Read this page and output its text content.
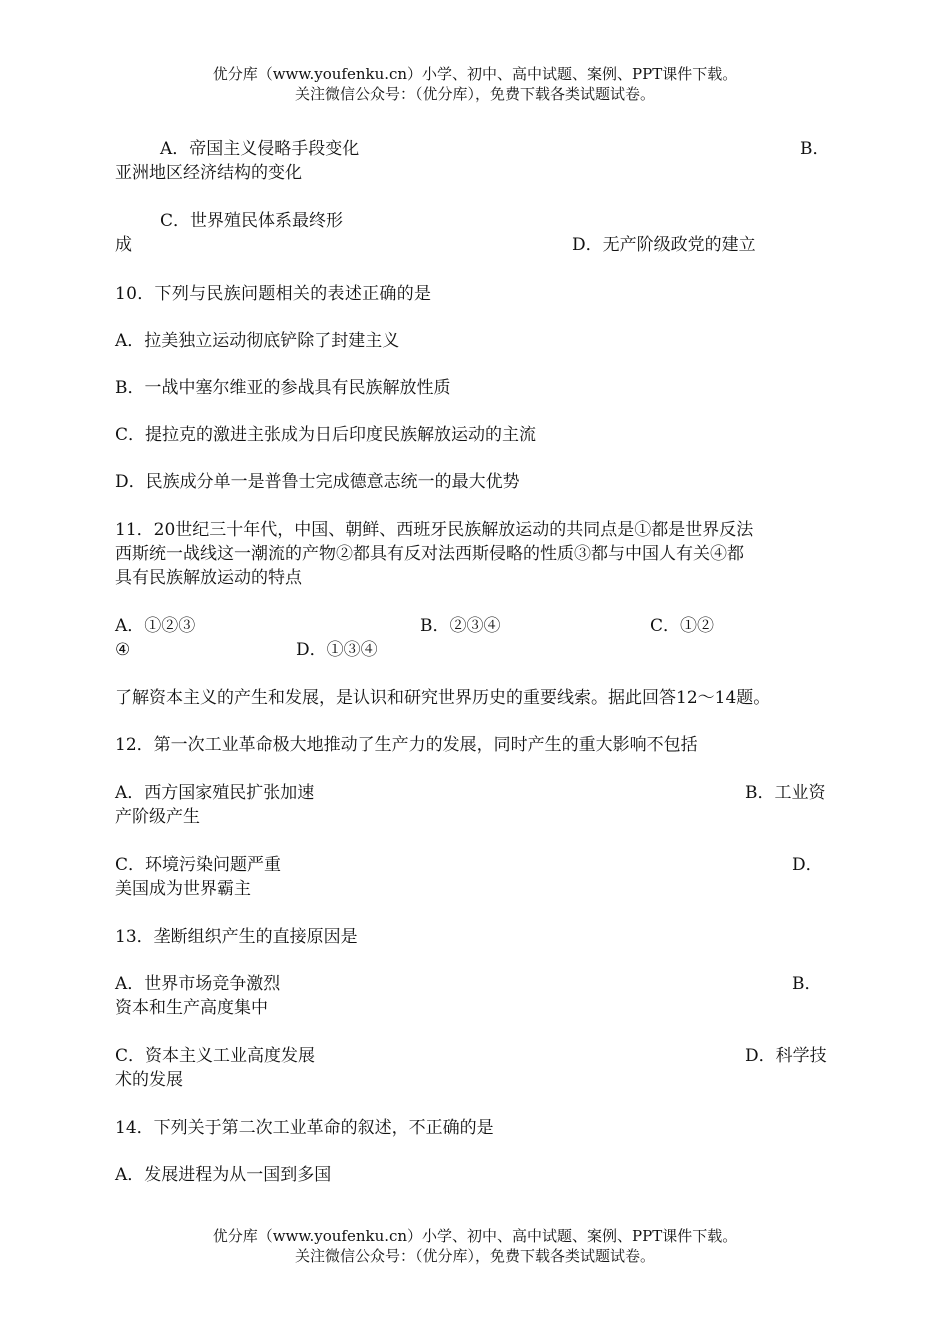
优分库（www.youfenku.cn）小学、初中、高中试题、案例、PPT课件下载。
关注微信公众号：（优分库），免费下载各类试题试卷。
A．帝国主义侵略手段变化	B．
亚洲地区经济结构的变化
C．世界殖民体系最终形
成	D．无产阶级政党的建立
10．下列与民族问题相关的表述正确的是
A．拉美独立运动彻底铲除了封建主义
B．一战中塞尔维亚的参战具有民族解放性质
C．提拉克的激进主张成为日后印度民族解放运动的主流
D．民族成分单一是普鲁士完成德意志统一的最大优势
11．20世纪三十年代，中国、朝鲜、西班牙民族解放运动的共同点是①都是世界反法
西斯统一战线这一潮流的产物②都具有反对法西斯侵略的性质③都与中国人有关④都
具有民族解放运动的特点
A．①②③	B．②③④	C．①②
④	D．①③④
了解资本主义的产生和发展，是认识和研究世界历史的重要线索。据此回答12～14题。
12．第一次工业革命极大地推动了生产力的发展，同时产生的重大影响不包括
A．西方国家殖民扩张加速	B．工业资
产阶级产生
C．环境污染问题严重	D．
美国成为世界霸主
13．垄断组织产生的直接原因是
A．世界市场竞争激烈	B．
资本和生产高度集中
C．资本主义工业高度发展	D．科学技
术的发展
14．下列关于第二次工业革命的叙述，不正确的是
A．发展进程为从一国到多国
优分库（www.youfenku.cn）小学、初中、高中试题、案例、PPT课件下载。
关注微信公众号：（优分库），免费下载各类试题试卷。
